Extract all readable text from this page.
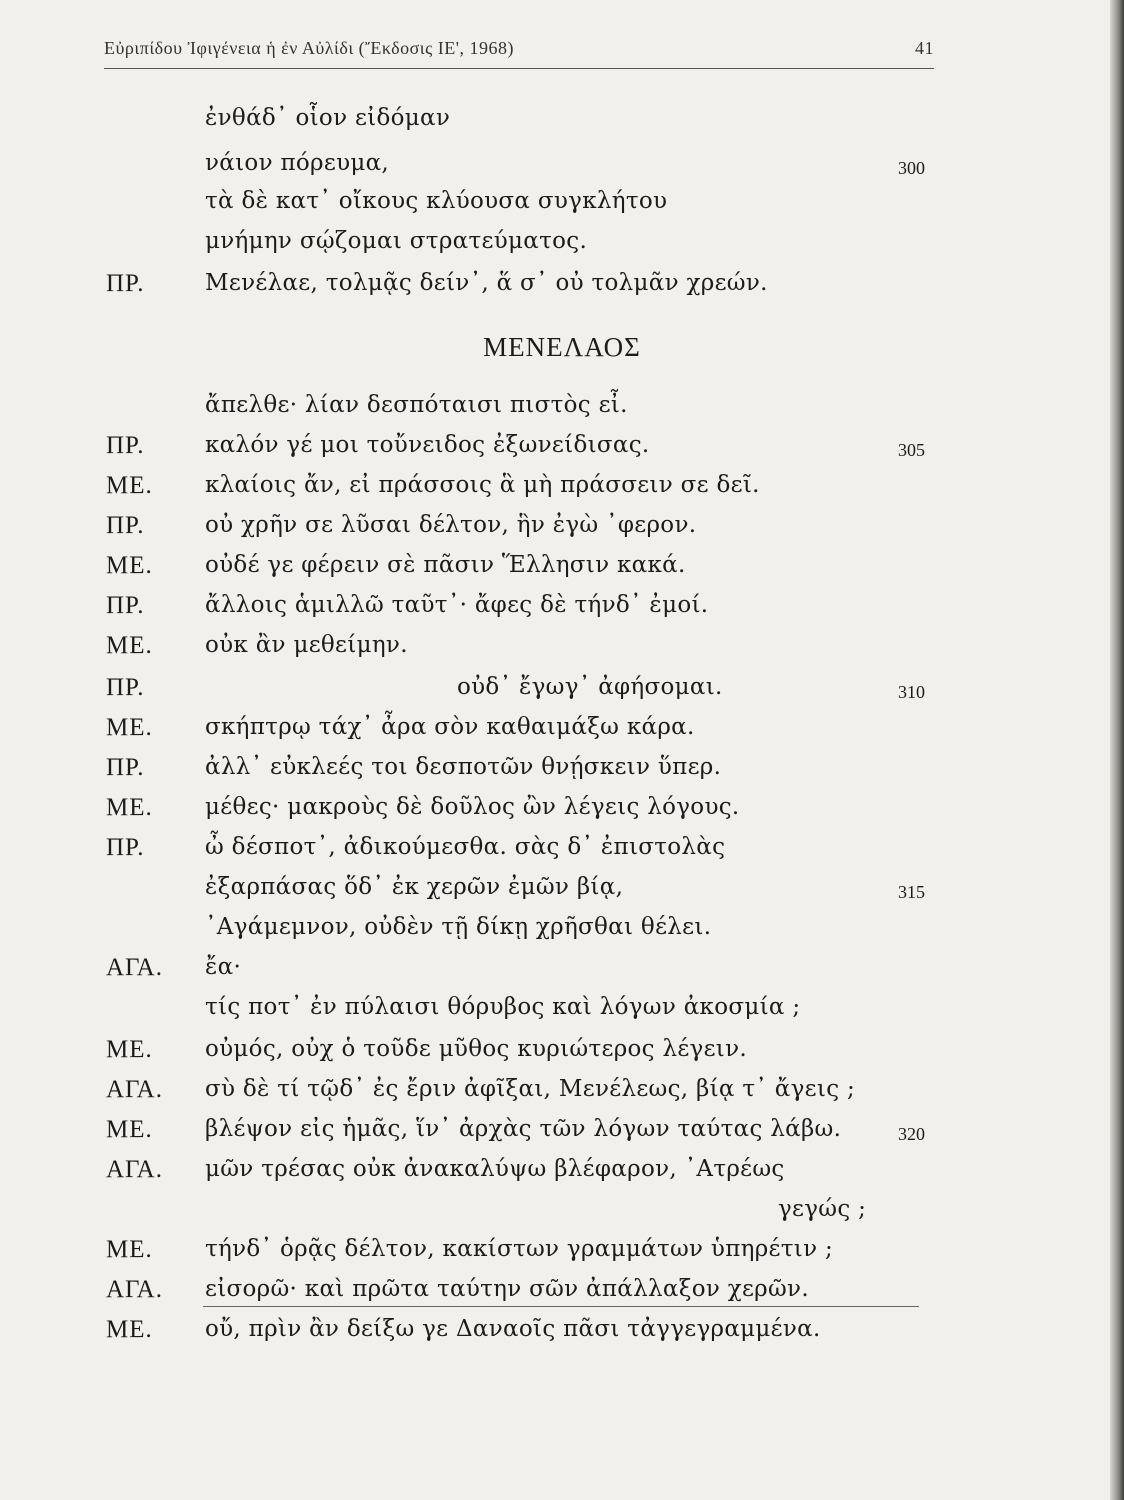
Εὐριπίδου Ἰφιγένεια ἡ ἐν Αὐλίδι (Ἔκδοσις ΙΕ', 1968)	41
ἐνθάδ᾽ οἷον εἰδόμαν
νάιον πόρευμα,	300
τὰ δὲ κατ᾽ οἴκους κλύουσα συγκλήτου
μνήμην σῴζομαι στρατεύματος.
ΠΡ.	Μενέλαε, τολμᾷς δείν᾽, ἅ σ᾽ οὐ τολμᾶν χρεών.
ΜΕΝΕΛΑΟΣ
ἄπελθε· λίαν δεσπόταισι πιστὸς εἶ.
ΠΡ.	καλόν γέ μοι τοὔνειδος ἐξωνείδισας.	305
ΜΕ. κλαίοις ἄν, εἰ πράσσοις ἃ μὴ πράσσειν σε δεῖ.
ΠΡ.	οὐ χρῆν σε λῦσαι δέλτον, ἣν ἐγὼ ᾽φερον.
ΜΕ. οὐδέ γε φέρειν σὲ πᾶσιν Ἕλλησιν κακά.
ΠΡ.	ἄλλοις ἁμιλλῶ ταῦτ᾽· ἄφες δὲ τήνδ᾽ ἐμοί.
ΜΕ. οὐκ ἂν μεθείμην.
ΠΡ.	οὐδ᾽ ἔγωγ᾽ ἀφήσομαι.	310
ΜΕ. σκήπτρῳ τάχ᾽ ἆρα σὸν καθαιμάξω κάρα.
ΠΡ.	ἀλλ᾽ εὐκλεές τοι δεσποτῶν θνῄσκειν ὕπερ.
ΜΕ. μέθες· μακροὺς δὲ δοῦλος ὢν λέγεις λόγους.
ΠΡ.	ὦ δέσποτ᾽, ἀδικούμεσθα. σὰς δ᾽ ἐπιστολὰς
ἐξαρπάσας ὅδ᾽ ἐκ χερῶν ἐμῶν βίᾳ,	315
᾽Αγάμεμνον, οὐδὲν τῇ δίκῃ χρῆσθαι θέλει.
ΑΓΑ. ἔα·
τίς ποτ᾽ ἐν πύλαισι θόρυβος καὶ λόγων ἀκοσμία ;
ΜΕ. οὐμός, οὐχ ὁ τοῦδε μῦθος κυριώτερος λέγειν.
ΑΓΑ. σὺ δὲ τί τῷδ᾽ ἐς ἔριν ἀφῖξαι, Μενέλεως, βίᾳ τ᾽ ἄγεις ;
ΜΕ. βλέψον εἰς ἡμᾶς, ἵν᾽ ἀρχὰς τῶν λόγων ταύτας λάβω.	320
ΑΓΑ. μῶν τρέσας οὐκ ἀνακαλύψω βλέφαρον, ᾽Ατρέως
γεγώς ;
ΜΕ. τήνδ᾽ ὁρᾷς δέλτον, κακίστων γραμμάτων ὑπηρέτιν ;
ΑΓΑ. εἰσορῶ· καὶ πρῶτα ταύτην σῶν ἀπάλλαξον χερῶν.
ΜΕ. οὔ, πρὶν ἂν δείξω γε Δαναοῖς πᾶσι τἀγγεγραμμένα.
